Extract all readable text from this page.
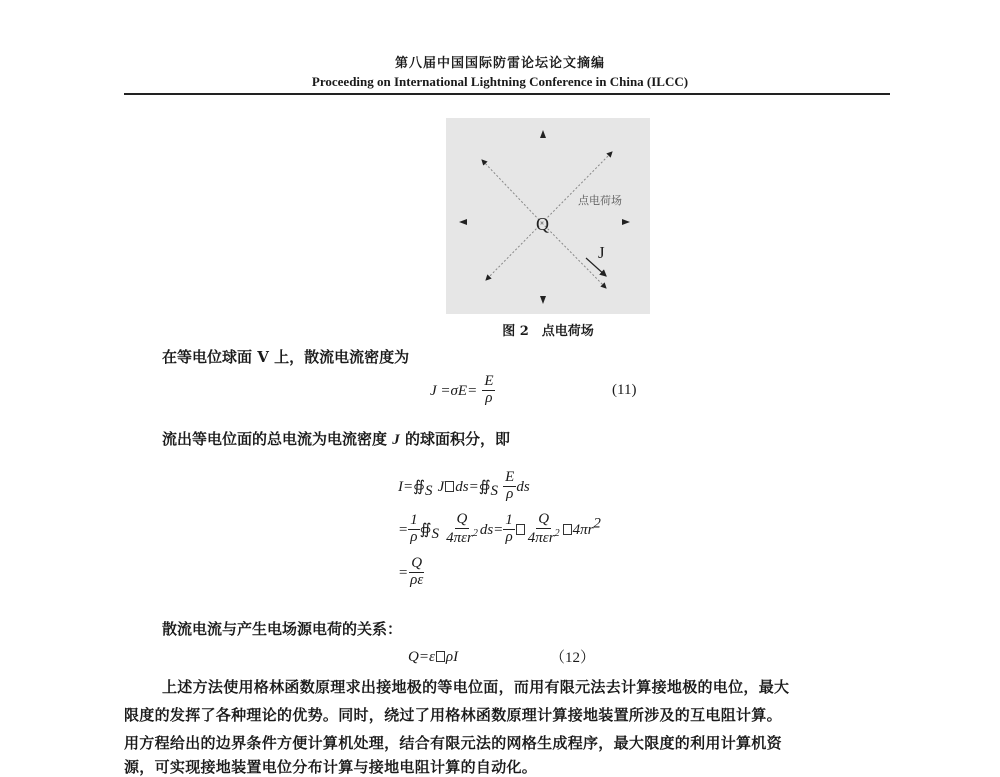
第八届中国国际防雷论坛论文摘编
Proceeding on International Lightning Conference in China (ILCC)
Q
J
点电荷场
图 2　点电荷场
在等电位球面 V 上，散流电流密度为
$J =\sigma E= \frac{E}{\rho}$	(11)
流出等电位面的总电流为电流密度 J 的球面积分，即
$I=∯_S$ J $ds=∯_S \frac{E}{\rho}$ ds
= $\frac{1}{\rho}$ $∯_S \frac{Q}{4\pi\varepsilon r^2} ds= \frac{1}{\rho} \frac{Q}{4\pi\varepsilon r^2} 4\pi r^2$
= $\frac{Q}{\rho\varepsilon}$
散流电流与产生电场源电荷的关系：
Q=ε ρI	（12）
上述方法使用格林函数原理求出接地极的等电位面，而用有限元法去计算接地极的电位，最大
限度的发挥了各种理论的优势。同时，绕过了用格林函数原理计算接地装置所涉及的互电阻计算。
用方程给出的边界条件方便计算机处理，结合有限元法的网格生成程序，最大限度的利用计算机资
源，可实现接地装置电位分布计算与接地电阻计算的自动化。
